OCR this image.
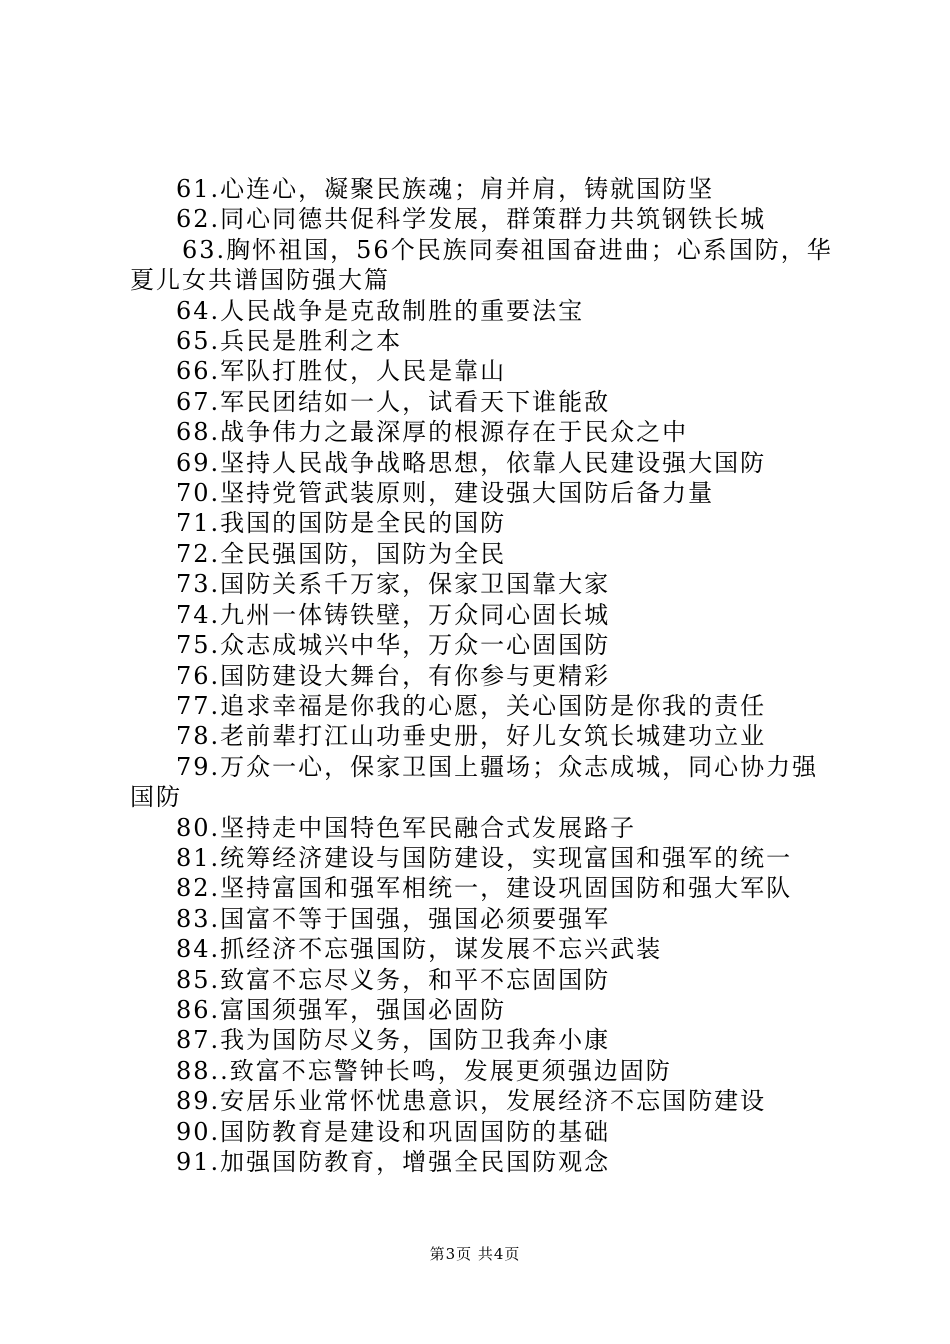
61.心连心，凝聚民族魂；肩并肩，铸就国防坚

62.同心同德共促科学发展，群策群力共筑钢铁长城

63.胸怀祖国，56个民族同奏祖国奋进曲；心系国防，华夏儿女共谱国防强大篇

64.人民战争是克敌制胜的重要法宝

65.兵民是胜利之本

66.军队打胜仗，人民是靠山

67.军民团结如一人，试看天下谁能敌

68.战争伟力之最深厚的根源存在于民众之中

69.坚持人民战争战略思想，依靠人民建设强大国防

70.坚持党管武装原则，建设强大国防后备力量

71.我国的国防是全民的国防

72.全民强国防，国防为全民

73.国防关系千万家，保家卫国靠大家

74.九州一体铸铁壁，万众同心固长城

75.众志成城兴中华，万众一心固国防

76.国防建设大舞台，有你参与更精彩

77.追求幸福是你我的心愿，关心国防是你我的责任

78.老前辈打江山功垂史册，好儿女筑长城建功立业

79.万众一心，保家卫国上疆场；众志成城，同心协力强国防

80.坚持走中国特色军民融合式发展路子

81.统筹经济建设与国防建设，实现富国和强军的统一

82.坚持富国和强军相统一，建设巩固国防和强大军队

83.国富不等于国强，强国必须要强军

84.抓经济不忘强国防，谋发展不忘兴武装

85.致富不忘尽义务，和平不忘固国防

86.富国须强军，强国必固防

87.我为国防尽义务，国防卫我奔小康

88..致富不忘警钟长鸣，发展更须强边固防

89.安居乐业常怀忧患意识，发展经济不忘国防建设

90.国防教育是建设和巩固国防的基础

91.加强国防教育，增强全民国防观念

第3页 共4页
